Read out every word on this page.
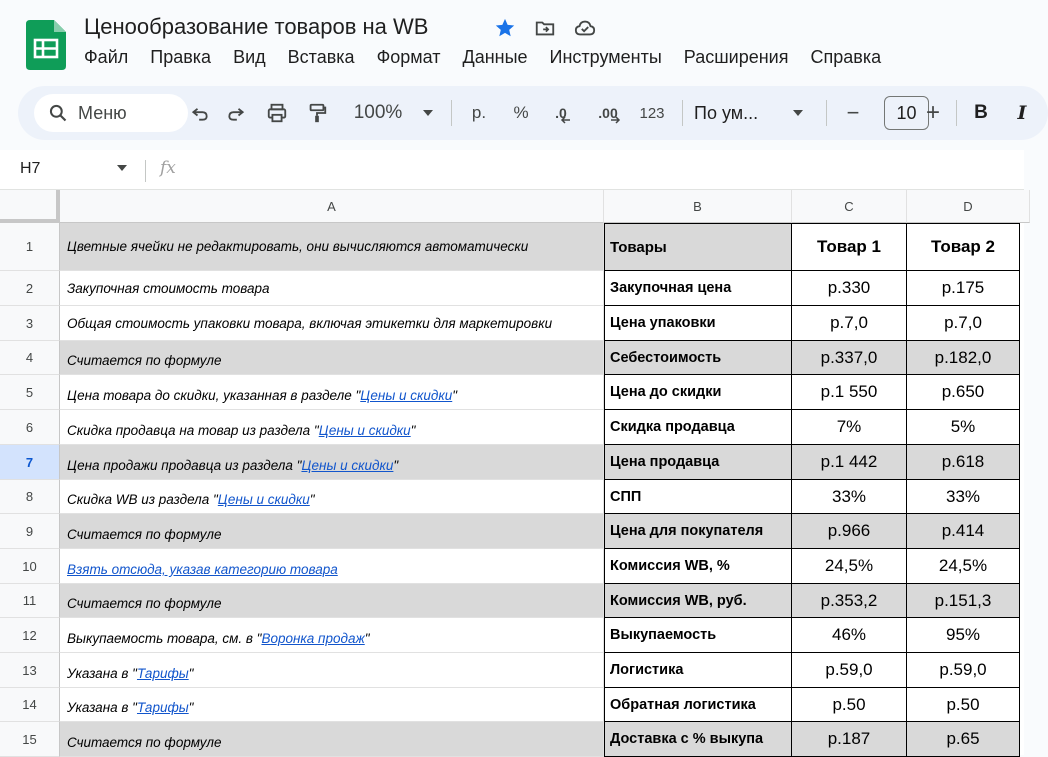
Ценообразование товаров на WB
Файл	Правка	Вид	Вставка	Формат	Данные	Инструменты	Расширения	Справка
Меню	100%	р.	%	.0 .00	123	По ум...	−	10 +	B	I
H7	fx
A	B	C	D
1	Цветные ячейки не редактировать, они вычисляются автоматически	Товары	Товар 1	Товар 2
2	Закупочная стоимость товара	Закупочная цена	р.330	р.175
3	Общая стоимость упаковки товара, включая этикетки для маркетировки	Цена упаковки	р.7,0	р.7,0
4	Считается по формуле	Себестоимость	р.337,0	р.182,0
5	Цена товара до скидки, указанная в разделе " Цены и скидки "	Цена до скидки	р.1 550	р.650
6	Скидка продавца на товар из раздела " Цены и скидки "	Скидка продавца	7%	5%
7	Цена продажи продавца из раздела " Цены и скидки "	Цена продавца	р.1 442	р.618
8	Скидка WB из раздела " Цены и скидки "	СПП	33%	33%
9	Считается по формуле	Цена для покупателя	р.966	р.414
10	Взять отсюда, указав категорию товара	Комиссия WB, %	24,5%	24,5%
11	Считается по формуле	Комиссия WB, руб.	р.353,2	р.151,3
12	Выкупаемость товара, см. в " Воронка продаж "	Выкупаемость	46%	95%
13	Указана в " Тарифы "	Логистика	р.59,0	р.59,0
14	Указана в " Тарифы "	Обратная логистика	р.50	р.50
15	Считается по формуле	Доставка с % выкупа	р.187	р.65
